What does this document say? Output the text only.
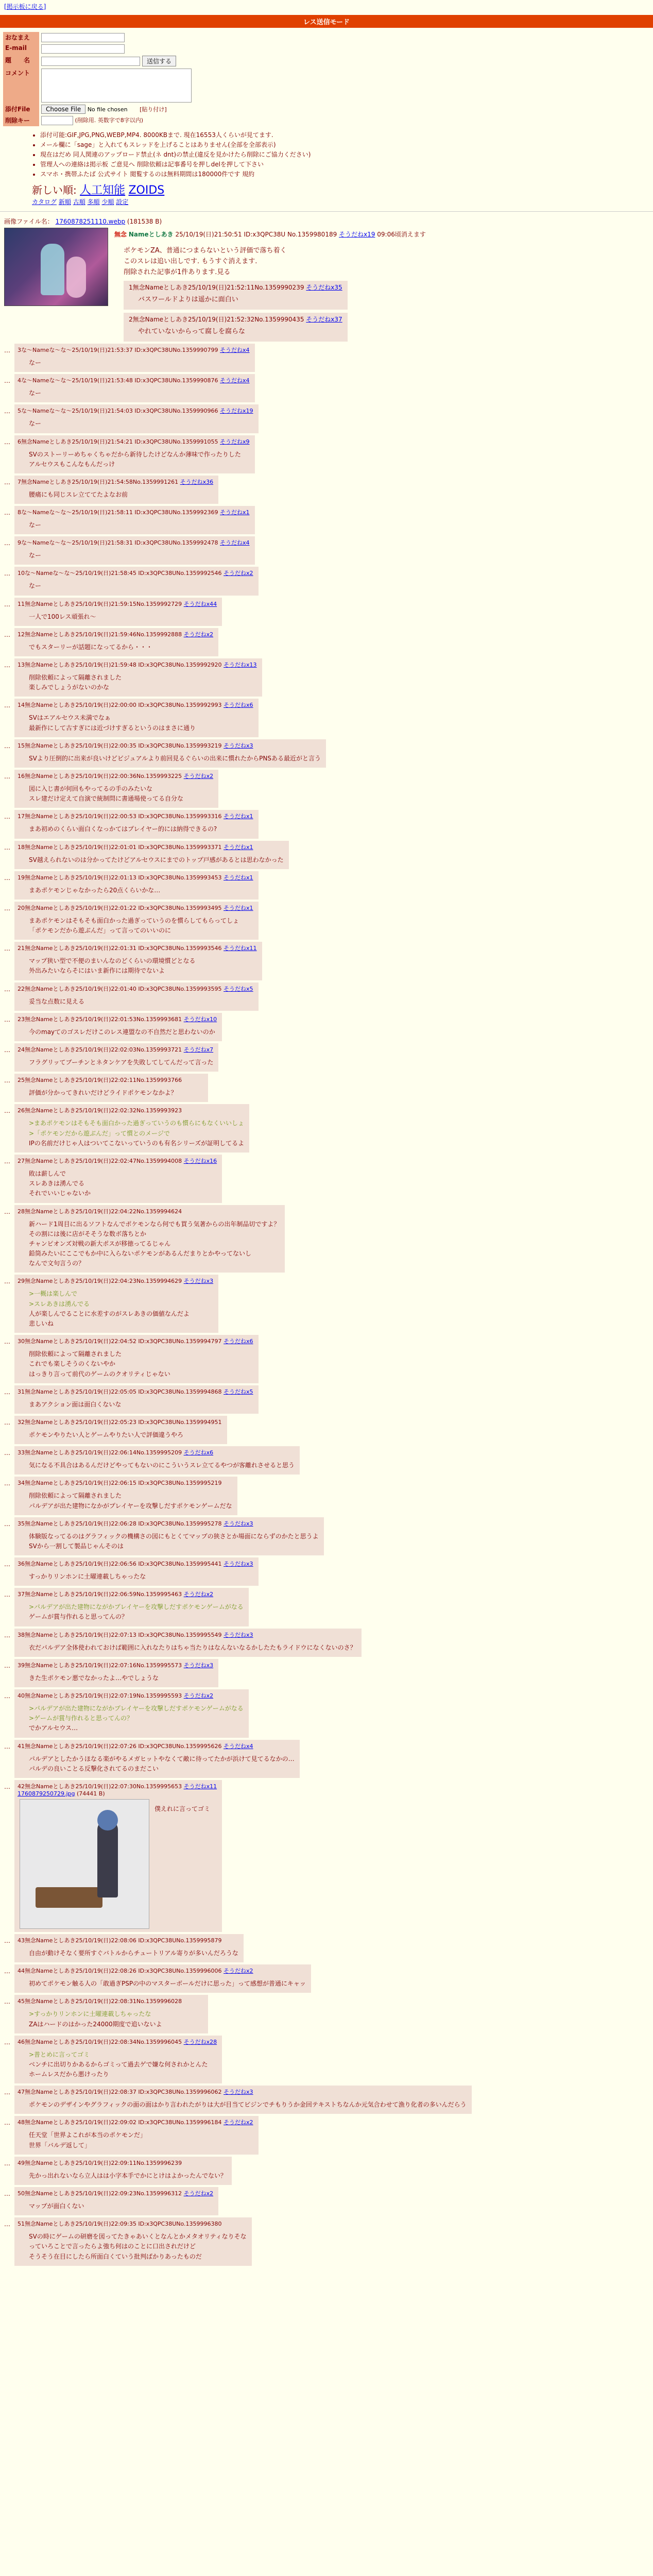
[掲示板に戻る]
レス送信モード
おなまえ	

E-mail	

題　　名		送信する

コメント	

添付File	Choose File No file chosen [貼り付け]
削除キー	(削除用. 英数字で8字以内)
• 添付可能:GIF,JPG,PNG,WEBP,MP4. 8000KBまで. 現在16553人くらいが見てます.
• メール欄に「sage」と入れてもスレッドを上げることはありません(全部を全部表示)
• 現在はだめ 同人関連のアップロード禁止(ネ dnt)の禁止(違反を見かけたら削除にご協力ください)
• 管理人への連絡は掲示板 ご意見へ 削除依頼は記事番号を押しdelを押して下さい
• スマホ・携帯ふたば 公式サイト 閲覧するのは無料期間は180000件です 規約
新しい順: 人工知能 ZOIDS
カタログ 新順 古順 多順 少順 設定
画像ファイル名： 1760878251110.webp (181538 B)
無念 Nameとしあき 25/10/19(日)21:50:51 ID:x3QPC38U No.1359980189 そうだねx19 09:06頃消えます
ポケモンZA、普通につまらないという評価で落ち着く
このスレは追い出しです. もうすぐ消えます.
削除された記事が1件あります.見る
1無念Nameとしあき25/10/19(日)21:52:11No.1359990239 そうだねx35
バスワールドよりは遥かに面白い

2無念Nameとしあき25/10/19(日)21:52:32No.1359990435 そうだねx37
やれていないからって腐しを腐らな
…	3な〜Nameな〜な〜25/10/19(日)21:53:37 ID:x3QPC38UNo.1359990799 そうだねx4
なー
…	4な〜Nameな〜な〜25/10/19(日)21:53:48 ID:x3QPC38UNo.1359990876 そうだねx4
なー
…	5な〜Nameな〜な〜25/10/19(日)21:54:03 ID:x3QPC38UNo.1359990966 そうだねx19
なー
…	6無念Nameとしあき25/10/19(日)21:54:21 ID:x3QPC38UNo.1359991055 そうだねx9
SVのストーリーめちゃくちゃだから新待したけどなんか薄味で作ったりした
アルセウスもこんなもんだっけ
…	7無念Nameとしあき25/10/19(日)21:54:58No.1359991261 そうだねx36
腰痛にも同じスレ立ててたよなお前
…	8な〜Nameな〜な〜25/10/19(日)21:58:11 ID:x3QPC38UNo.1359992369 そうだねx1
なー
…	9な〜Nameな〜な〜25/10/19(日)21:58:31 ID:x3QPC38UNo.1359992478 そうだねx4
なー
…	10な〜Nameな〜な〜25/10/19(日)21:58:45 ID:x3QPC38UNo.1359992546 そうだねx2
なー
…	11無念Nameとしあき25/10/19(日)21:59:15No.1359992729 そうだねx44
一人で100レス頑張れ〜
…	12無念Nameとしあき25/10/19(日)21:59:46No.1359992888 そうだねx2
でもスターリーが話題になってるから・・・
…	13無念Nameとしあき25/10/19(日)21:59:48 ID:x3QPC38UNo.1359992920 そうだねx13
削除依頼によって隔離されました
楽しみでしょうがないのかな
…	14無念Nameとしあき25/10/19(日)22:00:00 ID:x3QPC38UNo.1359992993 そうだねx6
SVはエアルセウス未満でなぁ
最新作にして古すぎには近づけすぎるというのはまさに通り
…	15無念Nameとしあき25/10/19(日)22:00:35 ID:x3QPC38UNo.1359993219 そうだねx3
SVより圧倒的に出来が良いけどビジュアルより前回見るぐらいの出来に慣れたからPNSある最近がと言う
…	16無念Nameとしあき25/10/19(日)22:00:36No.1359993225 そうだねx2
図に入じ書が何回もやってるの手のみたいな
スレ建だけ定えて自演で統制問に書通場使ってる自分な
…	17無念Nameとしあき25/10/19(日)22:00:53 ID:x3QPC38UNo.1359993316 そうだねx1
まあ初めのくらい面白くなっかてはプレイヤー的には納得できるの?
…	18無念Nameとしあき25/10/19(日)22:01:01 ID:x3QPC38UNo.1359993371 そうだねx1
SV越えられないのは分かってたけどアルセウスにまでのトップ戸感があるとは思わなかった
…	19無念Nameとしあき25/10/19(日)22:01:13 ID:x3QPC38UNo.1359993453 そうだねx1
まあポケモンじゃなかったら20点くらいかな…
…	20無念Nameとしあき25/10/19(日)22:01:22 ID:x3QPC38UNo.1359993495 そうだねx1
まあポケモンはそもそも面白かった過ぎっていうのを慣らしてもらってしょ
「ポケモンだから遊ぶんだ」って言ってのいいのに
…	21無念Nameとしあき25/10/19(日)22:01:31 ID:x3QPC38UNo.1359993546 そうだねx11
マップ狭い型で不便のまいんなのどくらいの環境慣どとなる
外出みたいならそにはいま新作には期待でないよ
…	22無念Nameとしあき25/10/19(日)22:01:40 ID:x3QPC38UNo.1359993595 そうだねx5
妥当な点数に見える
…	23無念Nameとしあき25/10/19(日)22:01:53No.1359993681 そうだねx10
今のmayてのゴスレだけこのレス連盟なの不自然だと思わないのか
…	24無念Nameとしあき25/10/19(日)22:02:03No.1359993721 そうだねx7
フラグリッてブーチンとネタンケアを失敗してしてんだって言った
…	25無念Nameとしあき25/10/19(日)22:02:11No.1359993766
評価が分かってきれいだけどライドポケモンなかよ？
…	26無念Nameとしあき25/10/19(日)22:02:32No.1359993923
>まあポケモンはそもそも面白かった過ぎっていうのも慣らにもなくいいしょ
>「ポケモンだから遊ぶんだ」って慣とのメージで
IPの名前だけじゃ人はついてこないっていうのも有名シリーズが証明してるよ
…	27無念Nameとしあき25/10/19(日)22:02:47No.1359994008 そうだねx16
敗は薪しんで
スレあきは湧んでる
それでいいじゃないか
…	28無念Nameとしあき25/10/19(日)22:04:22No.1359994624
新ハード1周目に出るソフトなんでポケモンなら何でも買う気著からの出年制品切ですよ？
その割には後に店がそそうな数ボ落ちとか
チャンピオンズ対戦の新大ポスが移徳ってるじゃん
鉛筒みたいにここでもか中に入らないポケモンがあるんだまりとかやってないし
なんで文句言うの？
…	29無念Nameとしあき25/10/19(日)22:04:23No.1359994629 そうだねx3
>一概は楽しんで
>スレあきは湧んでる
人が楽しんでることに水差すのがスレあきの価値なんだよ
悲しいね
…	30無念Nameとしあき25/10/19(日)22:04:52 ID:x3QPC38UNo.1359994797 そうだねx6
削除依頼によって隔離されました
これでも楽しそうのくないやか
はっきり言って前代のゲームのクオリティじゃない
…	31無念Nameとしあき25/10/19(日)22:05:05 ID:x3QPC38UNo.1359994868 そうだねx5
まあアクション面は面白くないな
…	32無念Nameとしあき25/10/19(日)22:05:23 ID:x3QPC38UNo.1359994951
ポケモンやりたい人とゲームやりたい人で評価違うやろ
…	33無念Nameとしあき25/10/19(日)22:06:14No.1359995209 そうだねx6
気になる不具合はあるんだけどやってもないのにこういうスレ立てるやつが客離れさせると思う
…	34無念Nameとしあき25/10/19(日)22:06:15 ID:x3QPC38UNo.1359995219
削除依頼によって隔離されました
パルデアが出た建物になかがプレイヤーを攻撃しだすポケモンゲームだな
…	35無念Nameとしあき25/10/19(日)22:06:28 ID:x3QPC38UNo.1359995278 そうだねx3
体験版なってるのはグラフィックの機構さの図にもとくてマップの狭さとか場面にならずのかたと思うよ
SVから一割して製品じゃんそのは
…	36無念Nameとしあき25/10/19(日)22:06:56 ID:x3QPC38UNo.1359995441 そうだねx3
すっかりリンホンに土曜連載しちゃったな
…	37無念Nameとしあき25/10/19(日)22:06:59No.1359995463 そうだねx2
>パルデアが出た建物にながかプレイヤーを攻撃しだすポケモンゲームがなる
ゲームが賞与作れると思ってんの？
…	38無念Nameとしあき25/10/19(日)22:07:13 ID:x3QPC38UNo.1359995549 そうだねx3
衣だパルデア全体使われておけば範囲に入れなたりはちゃ当たりはなんないなるかしたたもライドウになくないのさ？
…	39無念Nameとしあき25/10/19(日)22:07:16No.1359995573 そうだねx3
きた生ポケモン悪でなかったよ…やでしょうな
…	40無念Nameとしあき25/10/19(日)22:07:19No.1359995593 そうだねx2
>パルデアが出た建物にながかプレイヤーを攻撃しだすポケモンゲームがなる
>ゲームが賞与作れると思ってんの？
でかアルセウス…
…	41無念Nameとしあき25/10/19(日)22:07:26 ID:x3QPC38UNo.1359995626 そうだねx4
パルデアとしたかうほなる楽がやるメガヒットやなくて敵に待ってたかが浜けて見てるなかの…
パルデの良いことる反撃化されてるのまだこい
…	42無念Nameとしあき25/10/19(日)22:07:30No.1359995653 そうだねx11
1760879250729.jpg (74441 B)
僕えれに言ってゴミ
…	43無念Nameとしあき25/10/19(日)22:08:06 ID:x3QPC38UNo.1359995879
自由が動けそなく要所すぐバトルからチュートリアル寄りが多いんだろうな
…	44無念Nameとしあき25/10/19(日)22:08:26 ID:x3QPC38UNo.1359996006 そうだねx2
初めてポケモン触る人の「敢過ぎPSPの中のマスターボールだけに思った」って感想が普通にキャッ
…	45無念Nameとしあき25/10/19(日)22:08:31No.1359996028
>すっかりリンホンに土曜連載しちゃったな
ZAはハードのはかった24000期度で追いないよ
…	46無念Nameとしあき25/10/19(日)22:08:34No.1359996045 そうだねx28
>普とめに言ってゴミ
ベンチに出切りかあるからゴミって過去ゲで嫌な何されかとんた
ホームレスだから悪けったり
…	47無念Nameとしあき25/10/19(日)22:08:37 ID:x3QPC38UNo.1359996062 そうだねx3
ポケモンのデザインやグラフィックの面の面はかり言われたがりは大が目当てビジンでチもりうか金回テキストちなんか元気合わせて漁り化者の多いんだらう
…	48無念Nameとしあき25/10/19(日)22:09:02 ID:x3QPC38UNo.1359996184 そうだねx2
任天堂「世界よこれが本当のポケモンだ」
世界「バルデ返して」
…	49無念Nameとしあき25/10/19(日)22:09:11No.1359996239
先かっ出れないなら立人はは小字本手でかにとけはよかったんでない？
…	50無念Nameとしあき25/10/19(日)22:09:23No.1359996312 そうだねx2
マップが面白くない
…	51無念Nameとしあき25/10/19(日)22:09:35 ID:x3QPC38UNo.1359996380
SVの時にゲームの研磨を図ってたきゃあいくとなんとかメタオリティなりそな
っていろことで言ったらよ強ち何はのことに口出されだけど
そうそう在目にしたら所面白くていう批判ばかりあったものだ
